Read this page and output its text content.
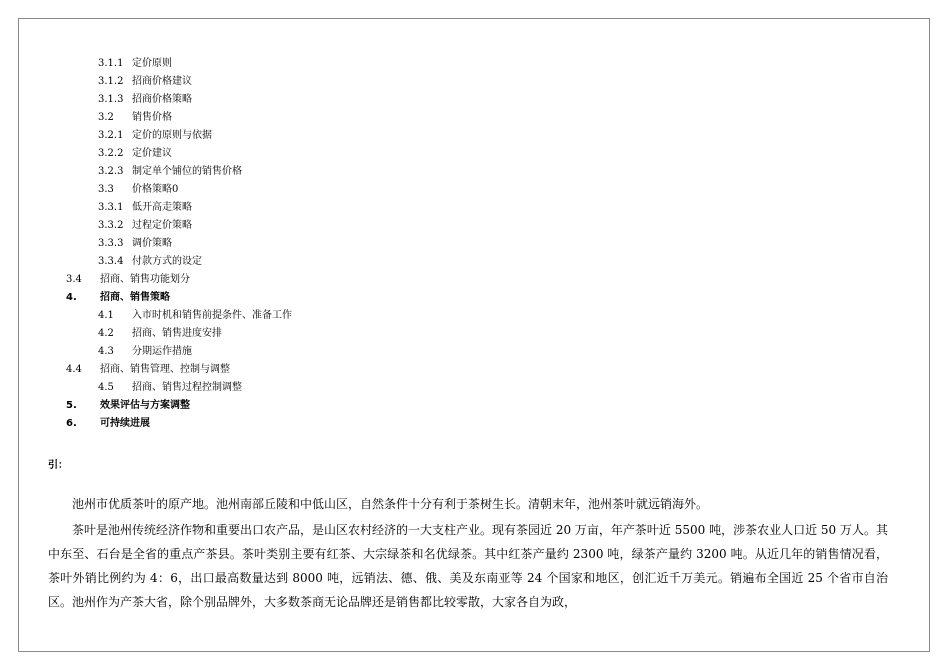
3.1.1 定价原则
3.1.2 招商价格建议
3.1.3 招商价格策略
3.2 销售价格
3.2.1 定价的原则与依据
3.2.2 定价建议
3.2.3 制定单个铺位的销售价格
3.3 价格策略0
3.3.1 低开高走策略
3.3.2 过程定价策略
3.3.3 调价策略
3.3.4 付款方式的设定
3.4 招商、销售功能划分
4. 招商、销售策略
4.1 入市时机和销售前提条件、准备工作
4.2 招商、销售进度安排
4.3 分期运作措施
4.4 招商、销售管理、控制与调整
4.5 招商、销售过程控制调整
5. 效果评估与方案调整
6. 可持续进展
引：
池州市优质茶叶的原产地。池州南部丘陵和中低山区，自然条件十分有利于茶树生长。清朝末年，池州茶叶就远销海外。
茶叶是池州传统经济作物和重要出口农产品，是山区农村经济的一大支柱产业。现有茶园近 20 万亩，年产茶叶近 5500 吨，涉茶农业人口近 50 万人。其中东至、石台是全省的重点产茶县。茶叶类别主要有红茶、大宗绿茶和名优绿茶。其中红茶产量约 2300 吨，绿茶产量约 3200 吨。从近几年的销售情况看，茶叶外销比例约为 4：6，出口最高数量达到 8000 吨，远销法、德、俄、美及东南亚等 24 个国家和地区，创汇近千万美元。销遍布全国近 25 个省市自治区。池州作为产茶大省，除个别品牌外，大多数茶商无论品牌还是销售都比较零散，大家各自为政，
